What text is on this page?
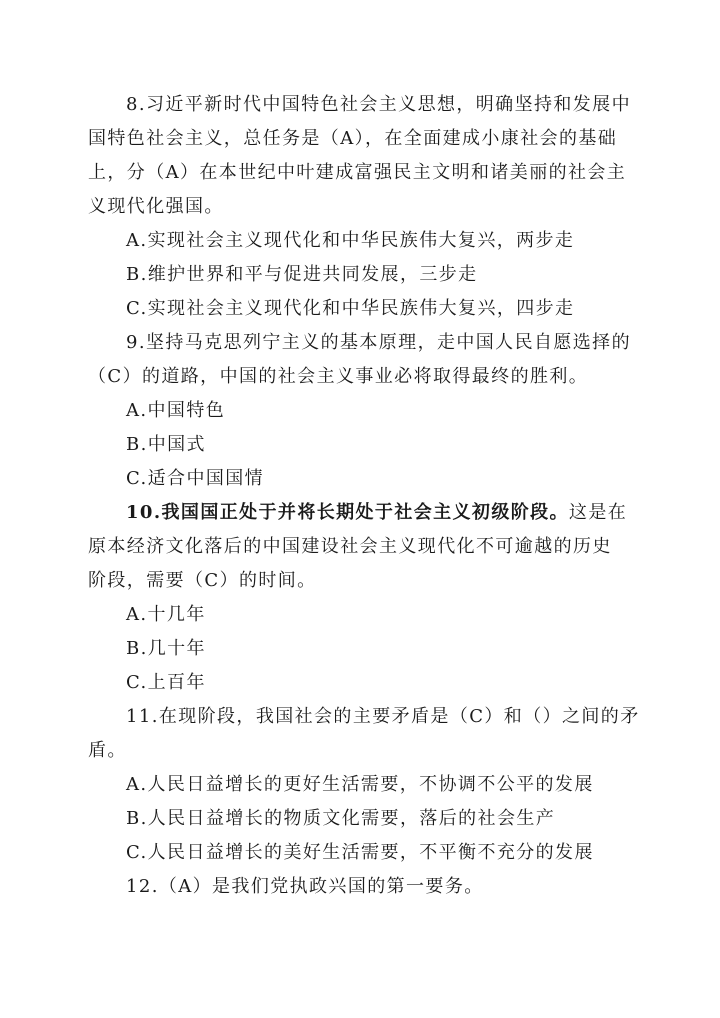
8.习近平新时代中国特色社会主义思想，明确坚持和发展中
国特色社会主义，总任务是（A），在全面建成小康社会的基础
上，分（A）在本世纪中叶建成富强民主文明和诸美丽的社会主
义现代化强国。
A.实现社会主义现代化和中华民族伟大复兴，两步走
B.维护世界和平与促进共同发展，三步走
C.实现社会主义现代化和中华民族伟大复兴，四步走
9.坚持马克思列宁主义的基本原理，走中国人民自愿选择的
（C）的道路，中国的社会主义事业必将取得最终的胜利。
A.中国特色
B.中国式
C.适合中国国情
10.我国国正处于并将长期处于社会主义初级阶段。这是在
原本经济文化落后的中国建设社会主义现代化不可逾越的历史
阶段，需要（C）的时间。
A.十几年
B.几十年
C.上百年
11.在现阶段，我国社会的主要矛盾是（C）和（）之间的矛
盾。
A.人民日益增长的更好生活需要，不协调不公平的发展
B.人民日益增长的物质文化需要，落后的社会生产
C.人民日益增长的美好生活需要，不平衡不充分的发展
12.（A）是我们党执政兴国的第一要务。
